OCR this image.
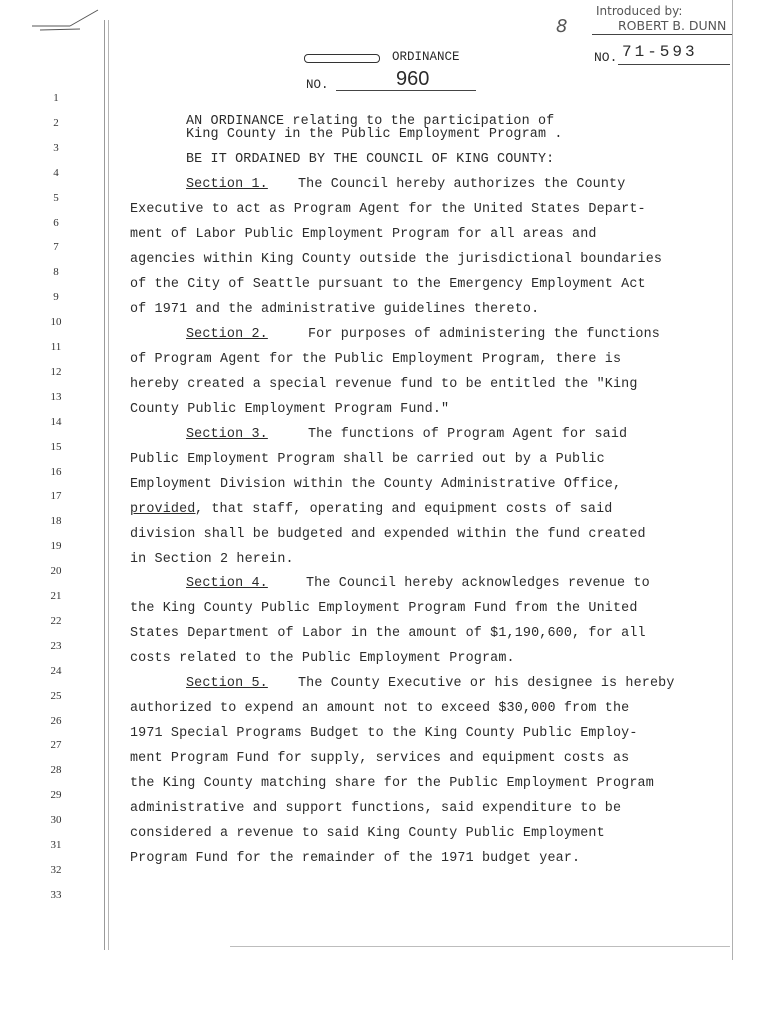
Introduced by:
ROBERT B. DUNN
8
NO. 71-593
ORDINANCE
NO.	960
1
2
3
4
5
6
7
8
9
10
11
12
13
14
15
16
17
18
19
20
21
22
23
24
25
26
27
28
29
30
31
32
33
AN ORDINANCE relating to the participation of
King County in the Public Employment Program .
BE IT ORDAINED BY THE COUNCIL OF KING COUNTY:
Section 1. The Council hereby authorizes the County
Executive to act as Program Agent for the United States Depart-
ment of Labor Public Employment Program for all areas and
agencies within King County outside the jurisdictional boundaries
of the City of Seattle pursuant to the Emergency Employment Act
of 1971 and the administrative guidelines thereto.
Section 2.	For purposes of administering the functions
of Program Agent for the Public Employment Program, there is
hereby created a special revenue fund to be entitled the "King
County Public Employment Program Fund."
Section 3.	The functions of Program Agent for said
Public Employment Program shall be carried out by a Public
Employment Division within the County Administrative Office,
provided , that staff, operating and equipment costs of said
division shall be budgeted and expended within the fund created
in Section 2 herein.
Section 4.	The Council hereby acknowledges revenue to
the King County Public Employment Program Fund from the United
States Department of Labor in the amount of $1,190,600, for all
costs related to the Public Employment Program.
Section 5. The County Executive or his designee is hereby
authorized to expend an amount not to exceed $30,000 from the
1971 Special Programs Budget to the King County Public Employ-
ment Program Fund for supply, services and equipment costs as
the King County matching share for the Public Employment Program
administrative and support functions, said expenditure to be
considered a revenue to said King County Public Employment
Program Fund for the remainder of the 1971 budget year.
